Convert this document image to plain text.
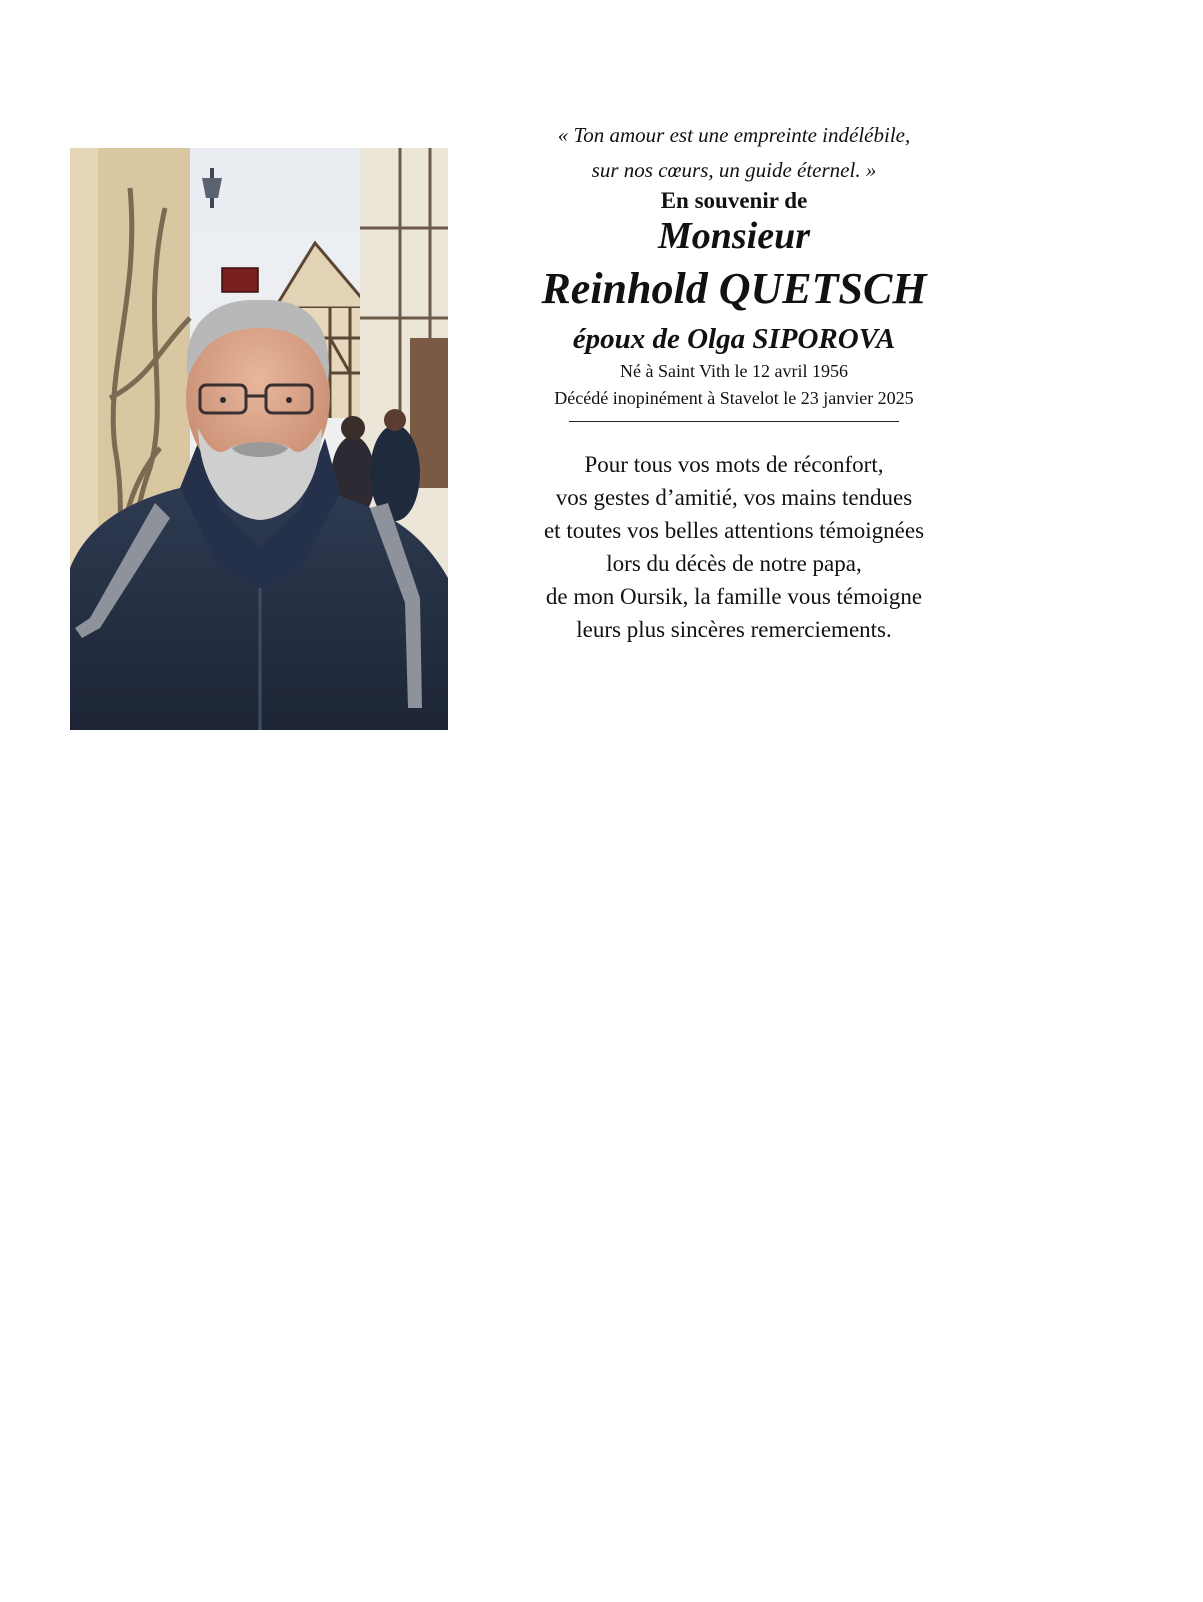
« Ton amour est une empreinte indélébile,

sur nos cœurs, un guide éternel. »

En souvenir de

Monsieur

Reinhold QUETSCH

époux de Olga SIPOROVA

Né à Saint Vith le 12 avril 1956

Décédé inopinément à Stavelot le 23 janvier 2025

Pour tous vos mots de réconfort,

vos gestes d’amitié, vos mains tendues

et toutes vos belles attentions témoignées

lors du décès de notre papa,

de mon Oursik, la famille vous témoigne

leurs plus sincères remerciements.
